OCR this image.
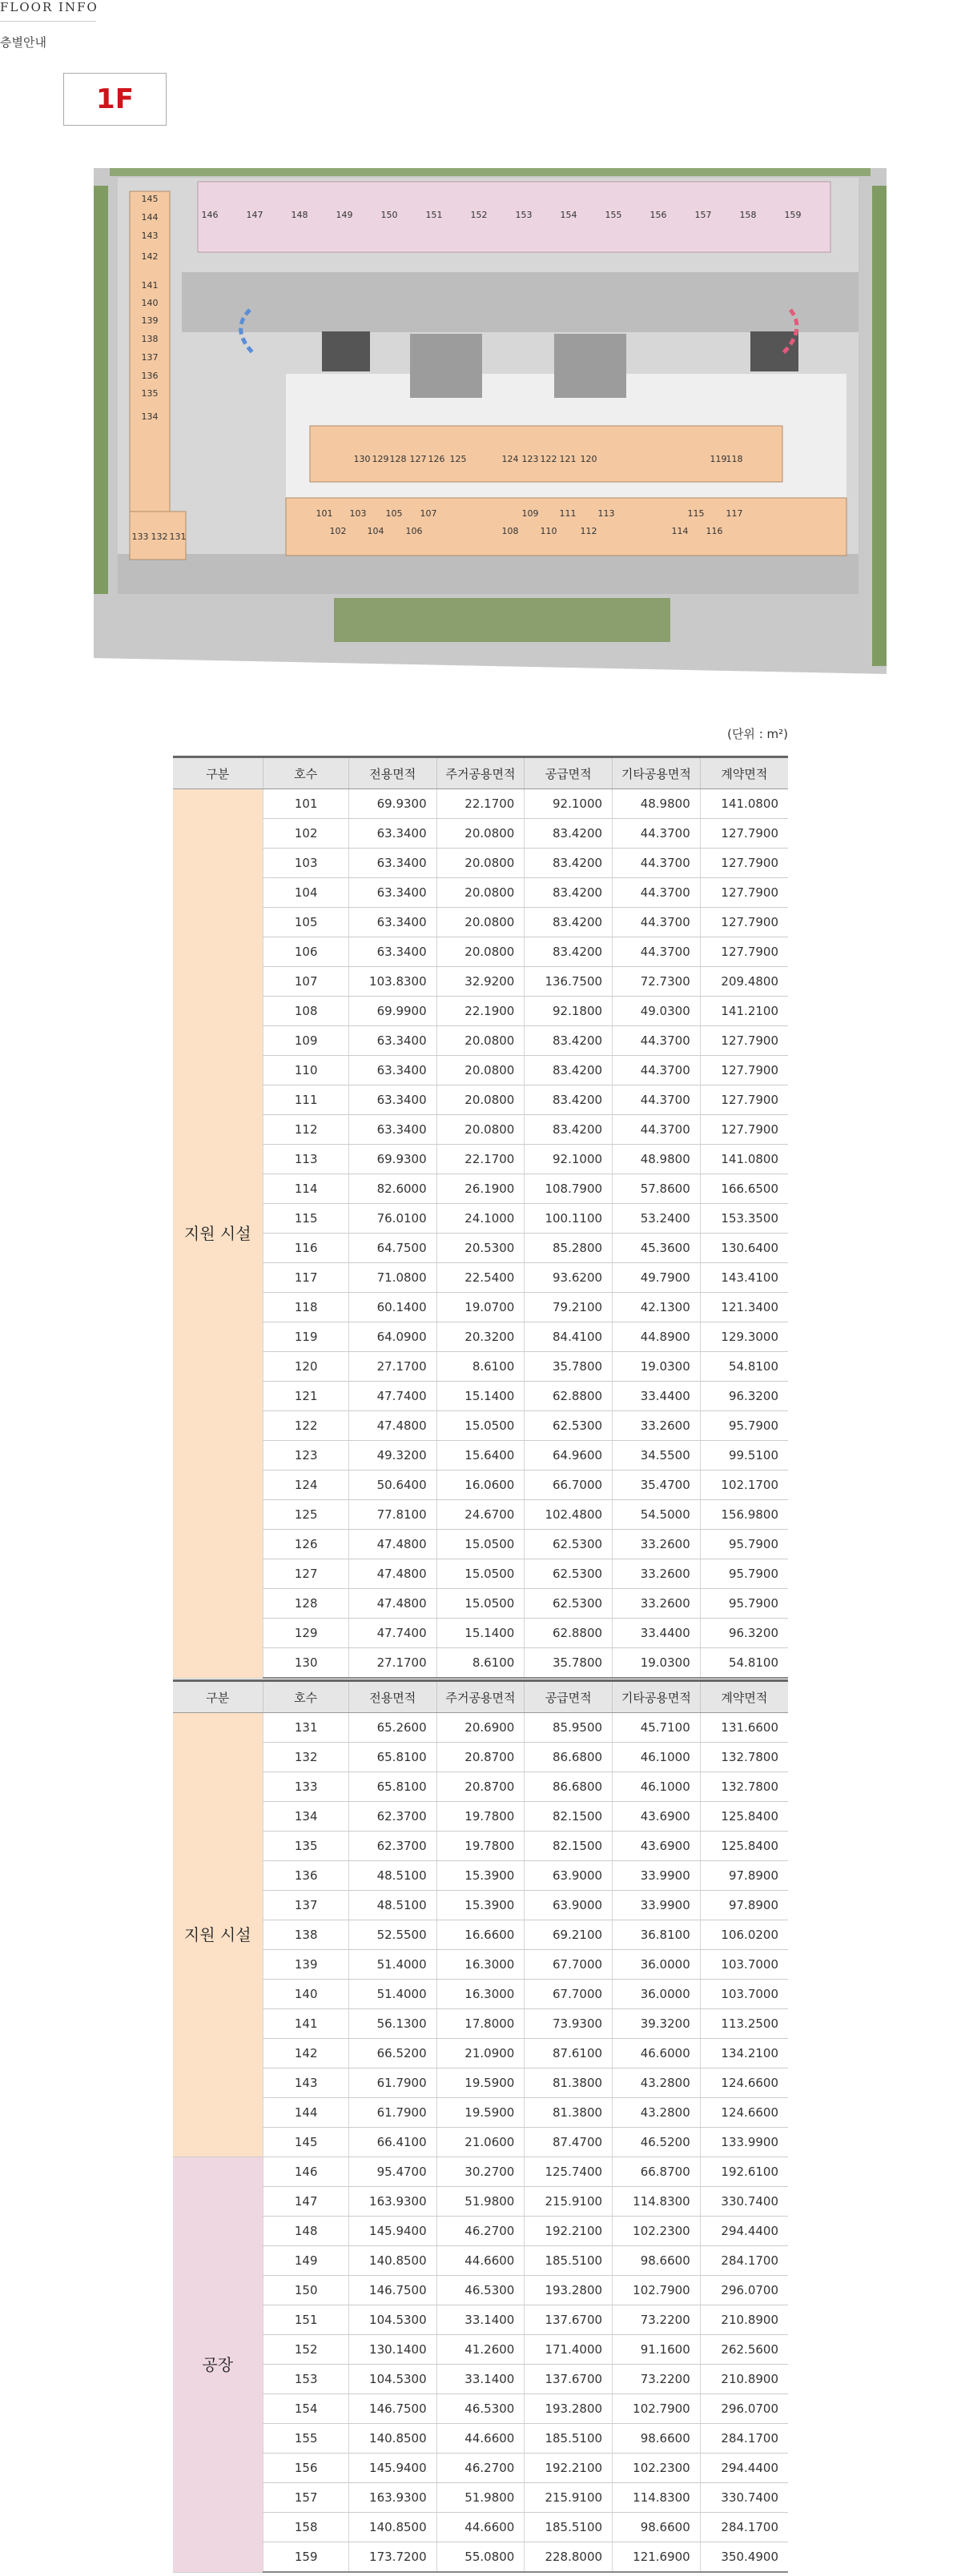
FLOOR INFO
층별안내
1F
145
144
143
142
141
140
139
138
137
136
135
134
133 132 131
146	147	148	149	150	151	152	153	154	155	156	157	158	159
130 129 128 127 126 125	124 123 122 121 120	119 118
101
102
103
104
105
106
107
108
109
110
111
112
113
114
115
116
117
(단위 : m²)
구분	호수	전용면적	주거공용면적	공급면적	기타공용면적	계약면적
지원 시설	101	69.9300	22.1700	92.1000	48.9800	141.0800
	102	63.3400	20.0800	83.4200	44.3700	127.7900
	103	63.3400	20.0800	83.4200	44.3700	127.7900
	104	63.3400	20.0800	83.4200	44.3700	127.7900
	105	63.3400	20.0800	83.4200	44.3700	127.7900
	106	63.3400	20.0800	83.4200	44.3700	127.7900
	107	103.8300	32.9200	136.7500	72.7300	209.4800
	108	69.9900	22.1900	92.1800	49.0300	141.2100
	109	63.3400	20.0800	83.4200	44.3700	127.7900
	110	63.3400	20.0800	83.4200	44.3700	127.7900
	111	63.3400	20.0800	83.4200	44.3700	127.7900
	112	63.3400	20.0800	83.4200	44.3700	127.7900
	113	69.9300	22.1700	92.1000	48.9800	141.0800
	114	82.6000	26.1900	108.7900	57.8600	166.6500
	115	76.0100	24.1000	100.1100	53.2400	153.3500
	116	64.7500	20.5300	85.2800	45.3600	130.6400
	117	71.0800	22.5400	93.6200	49.7900	143.4100
	118	60.1400	19.0700	79.2100	42.1300	121.3400
	119	64.0900	20.3200	84.4100	44.8900	129.3000
	120	27.1700	8.6100	35.7800	19.0300	54.8100
	121	47.7400	15.1400	62.8800	33.4400	96.3200
	122	47.4800	15.0500	62.5300	33.2600	95.7900
	123	49.3200	15.6400	64.9600	34.5500	99.5100
	124	50.6400	16.0600	66.7000	35.4700	102.1700
	125	77.8100	24.6700	102.4800	54.5000	156.9800
	126	47.4800	15.0500	62.5300	33.2600	95.7900
	127	47.4800	15.0500	62.5300	33.2600	95.7900
	128	47.4800	15.0500	62.5300	33.2600	95.7900
	129	47.7400	15.1400	62.8800	33.4400	96.3200
	130	27.1700	8.6100	35.7800	19.0300	54.8100
구분	호수	전용면적	주거공용면적	공급면적	기타공용면적	계약면적
지원 시설	131	65.2600	20.6900	85.9500	45.7100	131.6600
	132	65.8100	20.8700	86.6800	46.1000	132.7800
	133	65.8100	20.8700	86.6800	46.1000	132.7800
	134	62.3700	19.7800	82.1500	43.6900	125.8400
	135	62.3700	19.7800	82.1500	43.6900	125.8400
	136	48.5100	15.3900	63.9000	33.9900	97.8900
	137	48.5100	15.3900	63.9000	33.9900	97.8900
	138	52.5500	16.6600	69.2100	36.8100	106.0200
	139	51.4000	16.3000	67.7000	36.0000	103.7000
	140	51.4000	16.3000	67.7000	36.0000	103.7000
	141	56.1300	17.8000	73.9300	39.3200	113.2500
	142	66.5200	21.0900	87.6100	46.6000	134.2100
	143	61.7900	19.5900	81.3800	43.2800	124.6600
	144	61.7900	19.5900	81.3800	43.2800	124.6600
	145	66.4100	21.0600	87.4700	46.5200	133.9900
공장	146	95.4700	30.2700	125.7400	66.8700	192.6100
	147	163.9300	51.9800	215.9100	114.8300	330.7400
	148	145.9400	46.2700	192.2100	102.2300	294.4400
	149	140.8500	44.6600	185.5100	98.6600	284.1700
	150	146.7500	46.5300	193.2800	102.7900	296.0700
	151	104.5300	33.1400	137.6700	73.2200	210.8900
	152	130.1400	41.2600	171.4000	91.1600	262.5600
	153	104.5300	33.1400	137.6700	73.2200	210.8900
	154	146.7500	46.5300	193.2800	102.7900	296.0700
	155	140.8500	44.6600	185.5100	98.6600	284.1700
	156	145.9400	46.2700	192.2100	102.2300	294.4400
	157	163.9300	51.9800	215.9100	114.8300	330.7400
	158	140.8500	44.6600	185.5100	98.6600	284.1700
	159	173.7200	55.0800	228.8000	121.6900	350.4900
